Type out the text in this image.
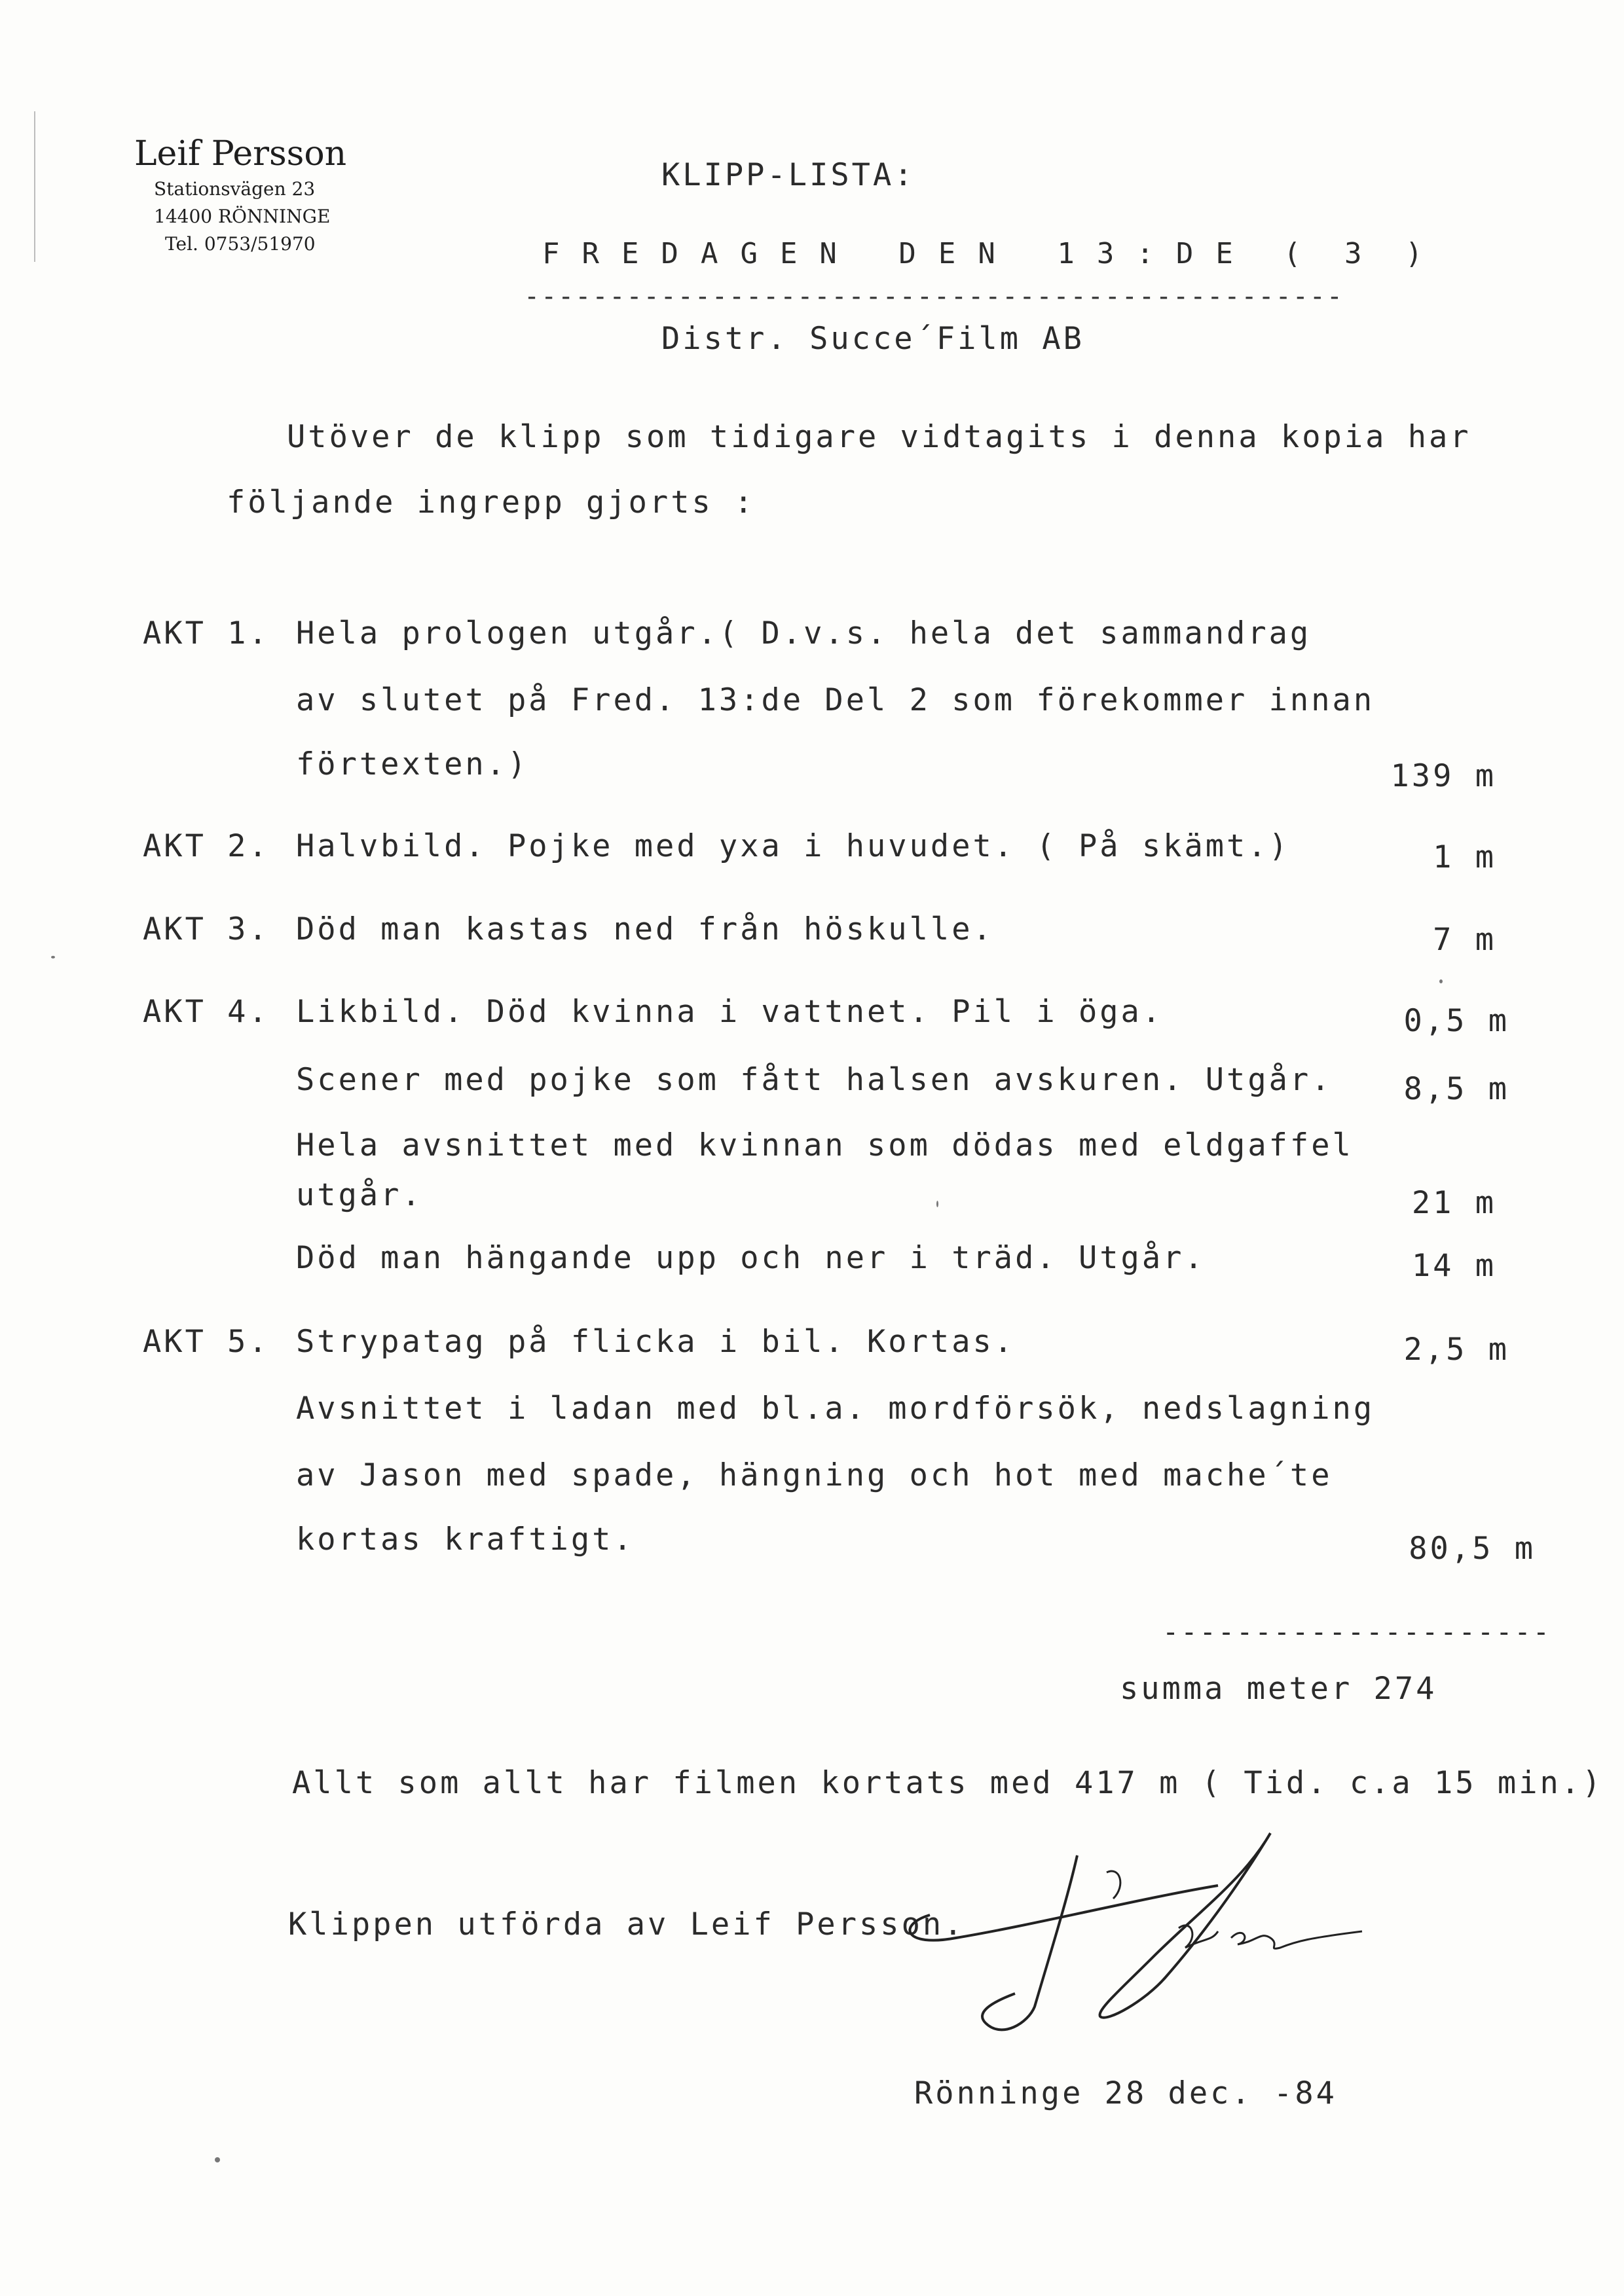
Leif Persson
Stationsvägen 23
14400 RÖNNINGE
Tel. 0753/51970
KLIPP-LISTA:
FREDAGEN DEN 13:DE ( 3 )
------------------------------------------------
Distr. Succe´Film AB
Utöver de klipp som tidigare vidtagits i denna kopia har
följande ingrepp gjorts :
AKT 1. Hela prologen utgår.( D.v.s. hela det sammandrag
av slutet på Fred. 13:de Del 2 som förekommer innan
förtexten.)	139 m
AKT 2. Halvbild. Pojke med yxa i huvudet. ( På skämt.)	1 m
AKT 3. Död man kastas ned från höskulle.	7 m
AKT 4. Likbild. Död kvinna i vattnet. Pil i öga.	0,5 m
Scener med pojke som fått halsen avskuren. Utgår.	8,5 m
Hela avsnittet med kvinnan som dödas med eldgaffel
utgår.	21 m
Död man hängande upp och ner i träd. Utgår.	14 m
AKT 5. Strypatag på flicka i bil. Kortas.	2,5 m
Avsnittet i ladan med bl.a. mordförsök, nedslagning
av Jason med spade, hängning och hot med mache´te
kortas kraftigt.	80,5 m
---------------------
summa meter 274
Allt som allt har filmen kortats med 417 m ( Tid. c.a 15 min.)
Klippen utförda av Leif Persson.
Rönninge 28 dec. -84
